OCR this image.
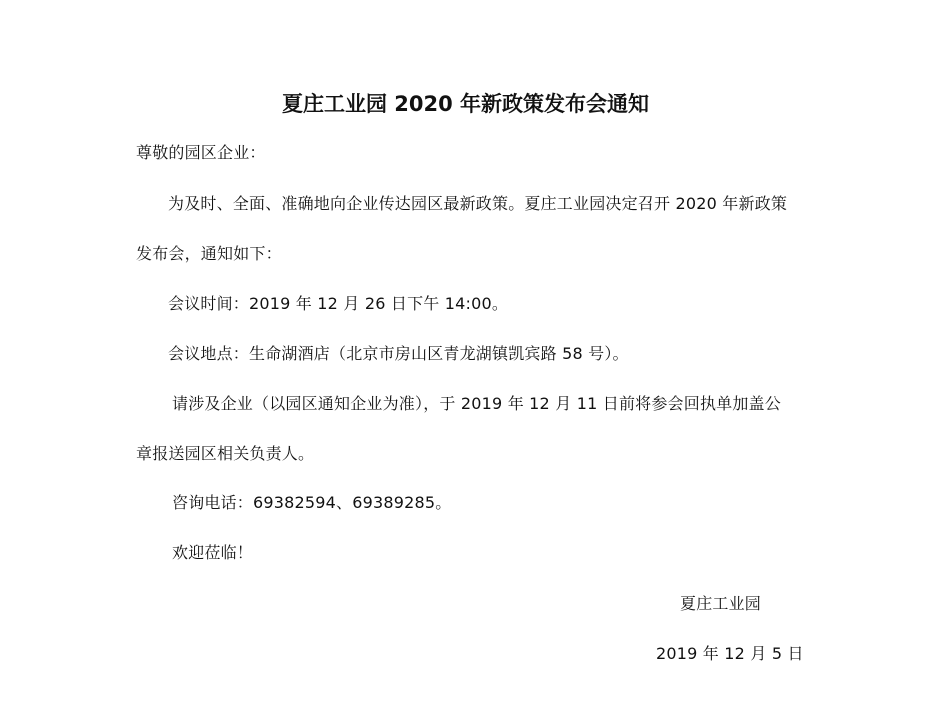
夏庄工业园 2020 年新政策发布会通知
尊敬的园区企业：
为及时、全面、准确地向企业传达园区最新政策。夏庄工业园决定召开 2020 年新政策
发布会，通知如下：
会议时间：2019 年 12 月 26 日下午 14:00。
会议地点：生命湖酒店（北京市房山区青龙湖镇凯宾路 58 号）。
请涉及企业（以园区通知企业为准），于 2019 年 12 月 11 日前将参会回执单加盖公
章报送园区相关负责人。
咨询电话：69382594、69389285。
欢迎莅临！
夏庄工业园
2019 年 12 月 5 日
